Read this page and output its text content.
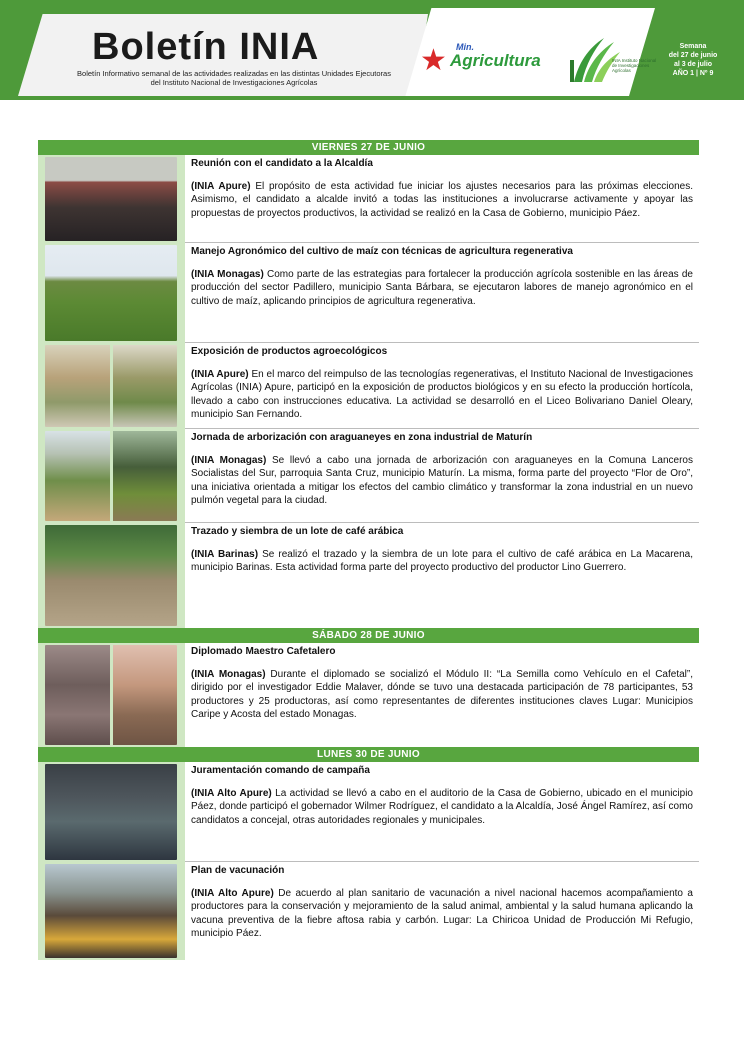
Boletín INIA
Boletín Informativo semanal de las actividades realizadas en las distintas Unidades Ejecutoras
del Instituto Nacional de Investigaciones Agrícolas
★ Min.
Agricultura	INIA Instituto Nacional de Investigaciones Agrícolas
Semana
del 27 de junio
al 3 de julio
AÑO 1 | Nº 9
VIERNES 27 DE JUNIO

Reunión con el candidato a la Alcaldía

(INIA Apure) El propósito de esta actividad fue iniciar los ajustes necesarios para las próximas elecciones. Asimismo, el candidato a alcalde invitó a todas las instituciones a involucrarse activamente y apoyar las propuestas de proyectos productivos, la actividad se realizó en la Casa de Gobierno, municipio Páez.

Manejo Agronómico del cultivo de maíz con técnicas de agricultura regenerativa

(INIA Monagas) Como parte de las estrategias para fortalecer la producción agrícola sostenible en las áreas de producción del sector Padillero, municipio Santa Bárbara, se ejecutaron labores de manejo agronómico en el cultivo de maíz, aplicando principios de agricultura regenerativa.

Exposición de productos agroecológicos

(INIA Apure) En el marco del reimpulso de las tecnologías regenerativas, el Instituto Nacional de Investigaciones Agrícolas (INIA) Apure, participó en la exposición de productos biológicos y en su efecto la producción hortícola, llevado a cabo con instrucciones educativa. La actividad se desarrolló en el Liceo Bolivariano Daniel Oleary, municipio San Fernando.

Jornada de arborización con araguaneyes en zona industrial de Maturín

(INIA Monagas) Se llevó a cabo una jornada de arborización con araguaneyes en la Comuna Lanceros Socialistas del Sur, parroquia Santa Cruz, municipio Maturín. La misma, forma parte del proyecto “Flor de Oro”, una iniciativa orientada a mitigar los efectos del cambio climático y transformar la zona industrial en un nuevo pulmón vegetal para la ciudad.

Trazado y siembra de un lote de café arábica

(INIA Barinas) Se realizó el trazado y la siembra de un lote para el cultivo de café arábica en La Macarena, municipio Barinas. Esta actividad forma parte del proyecto productivo del productor Lino Guerrero.

SÁBADO 28 DE JUNIO

Diplomado Maestro Cafetalero

(INIA Monagas) Durante el diplomado se socializó el Módulo II: “La Semilla como Vehículo en el Cafetal”, dirigido por el investigador Eddie Malaver, dónde se tuvo una destacada participación de 78 participantes, 53 productores y 25 productoras, así como representantes de diferentes instituciones claves Lugar: Municipios Caripe y Acosta del estado Monagas.

LUNES 30 DE JUNIO

Juramentación comando de campaña

(INIA Alto Apure) La actividad se llevó a cabo en el auditorio de la Casa de Gobierno, ubicado en el municipio Páez, donde participó el gobernador Wilmer Rodríguez, el candidato a la Alcaldía, José Ángel Ramírez, así como candidatos a concejal, otras autoridades regionales y municipales.

Plan de vacunación

(INIA Alto Apure) De acuerdo al plan sanitario de vacunación a nivel nacional hacemos acompañamiento a productores para la conservación y mejoramiento de la salud animal, ambiental y la salud humana aplicando la vacuna preventiva de la fiebre aftosa rabia y carbón. Lugar: La Chiricoa Unidad de Producción Mi Refugio, municipio Páez.
